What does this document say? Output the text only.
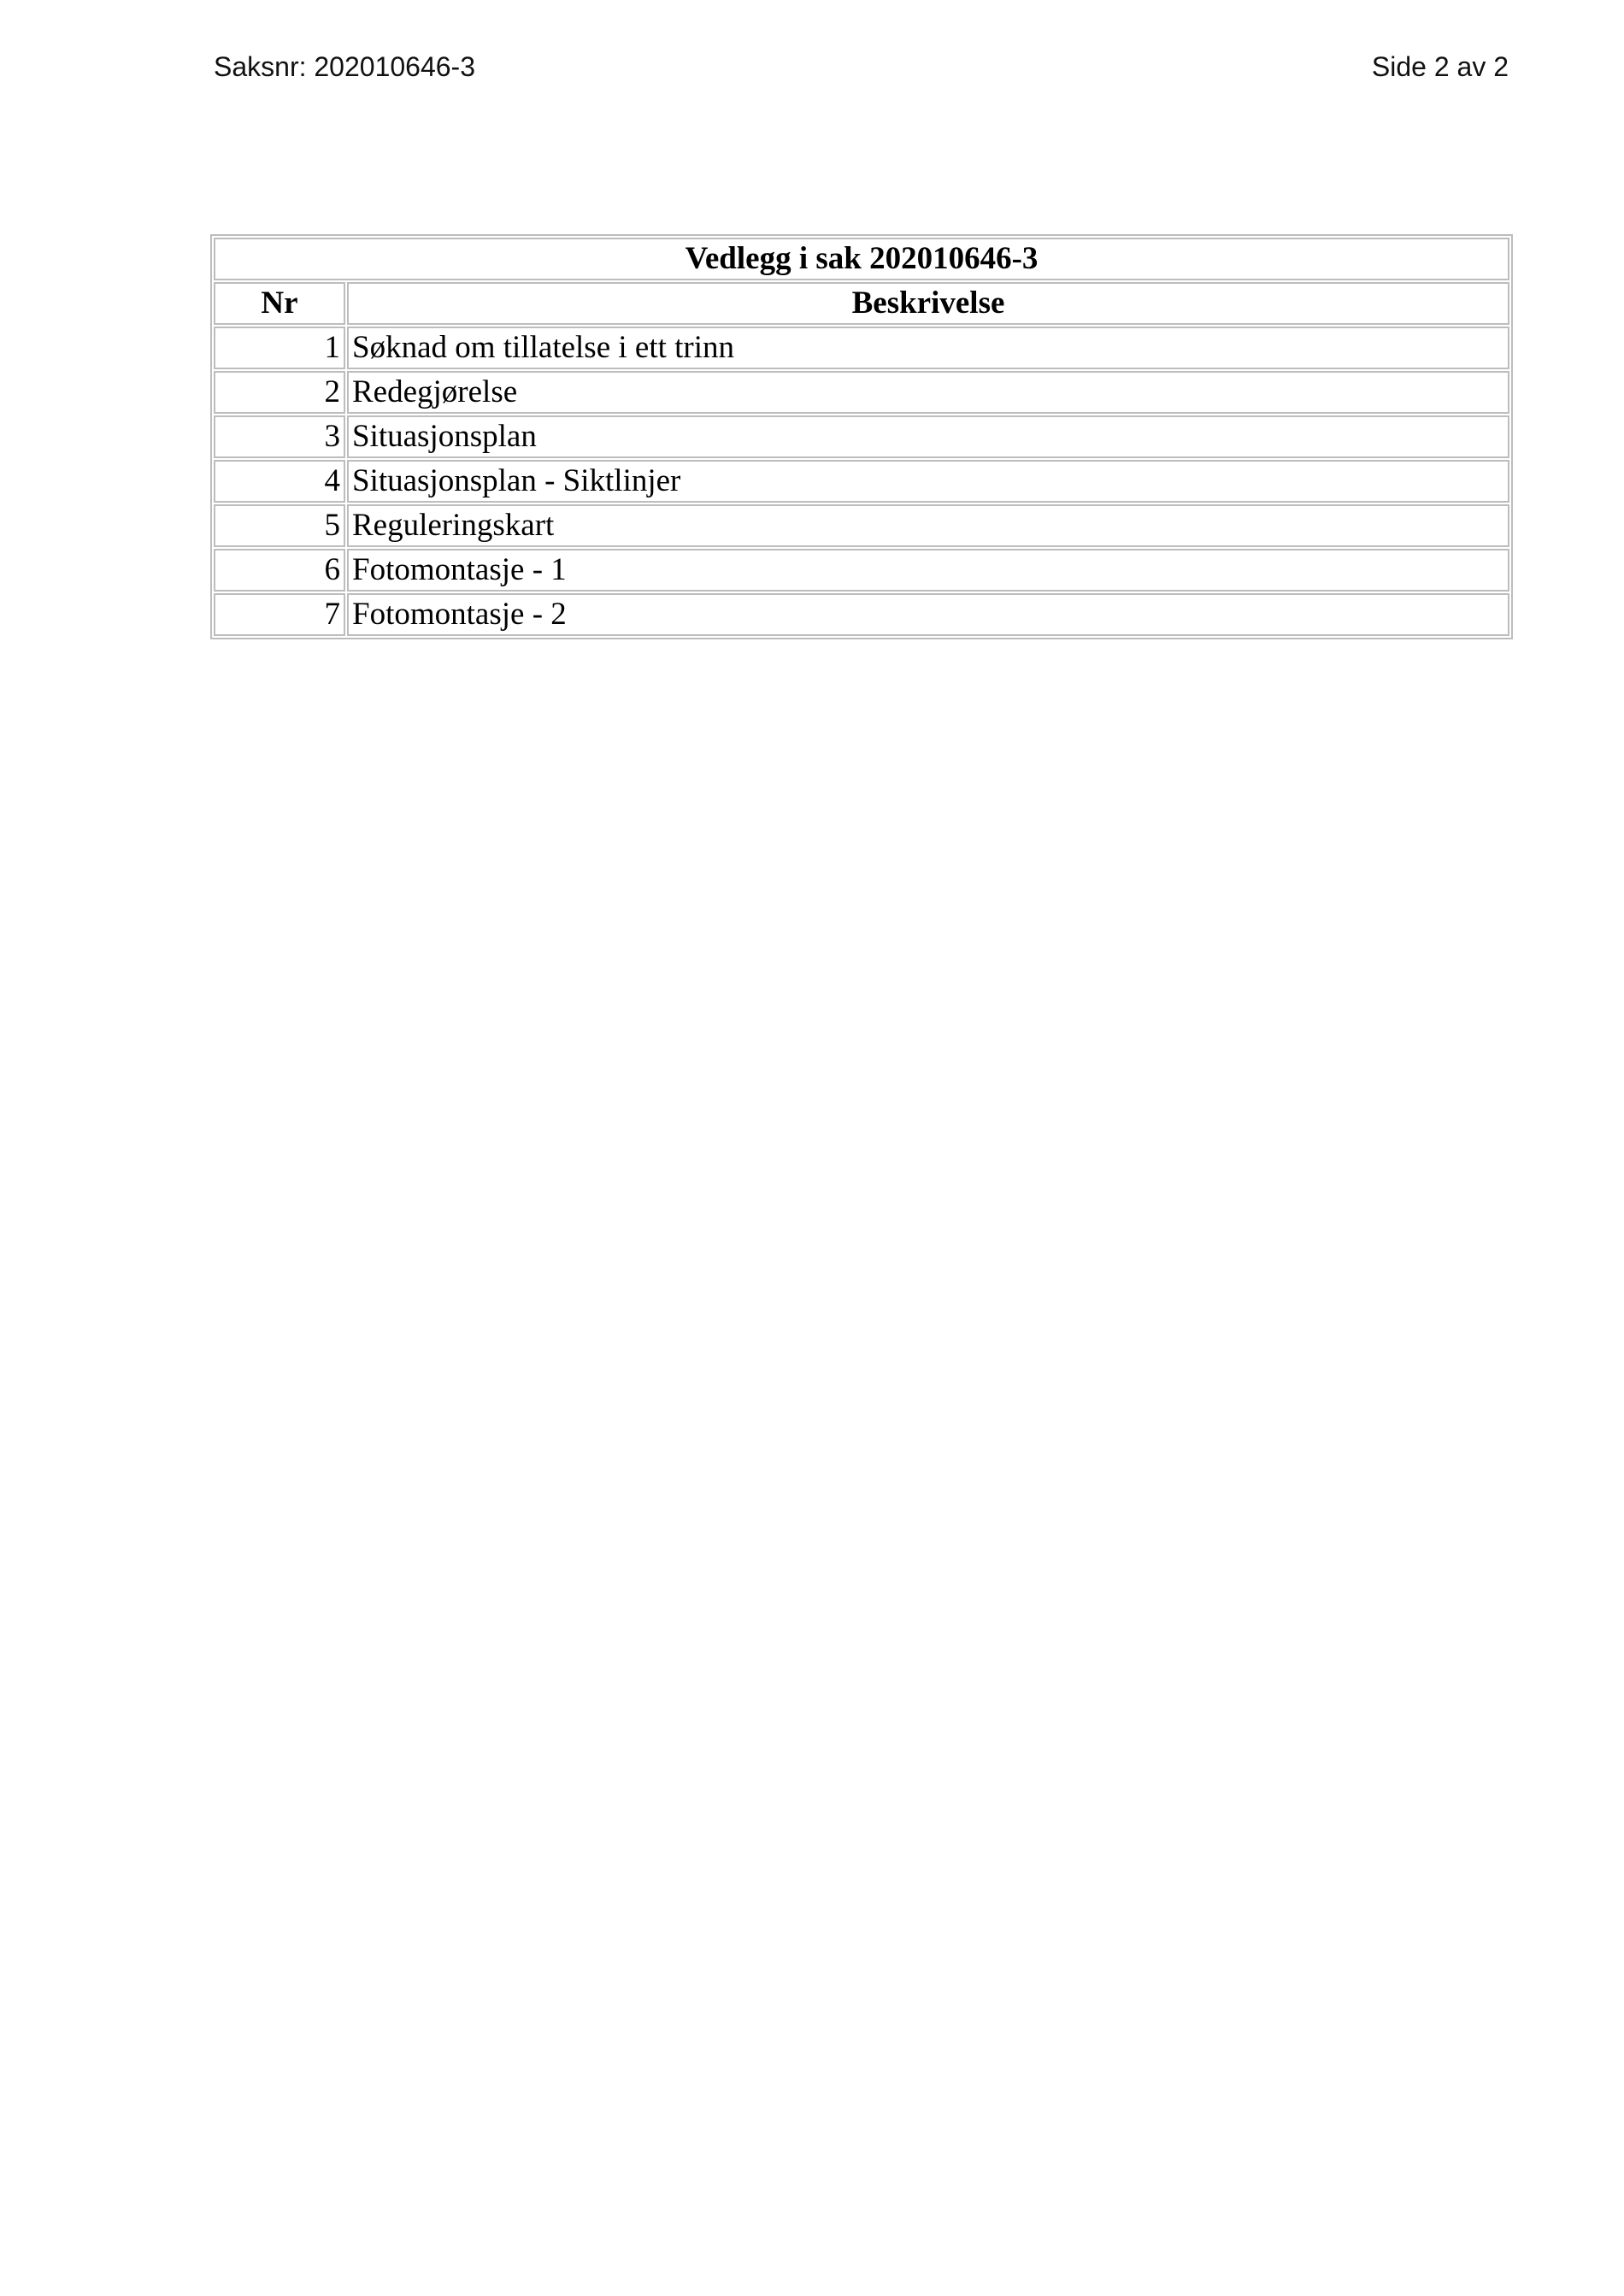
Saksnr: 202010646-3	Side 2 av 2
Vedlegg i sak 202010646-3	
Nr	Beskrivelse
1	Søknad om tillatelse i ett trinn
2	Redegjørelse
3	Situasjonsplan
4	Situasjonsplan - Siktlinjer
5	Reguleringskart
6	Fotomontasje - 1
7	Fotomontasje - 2
